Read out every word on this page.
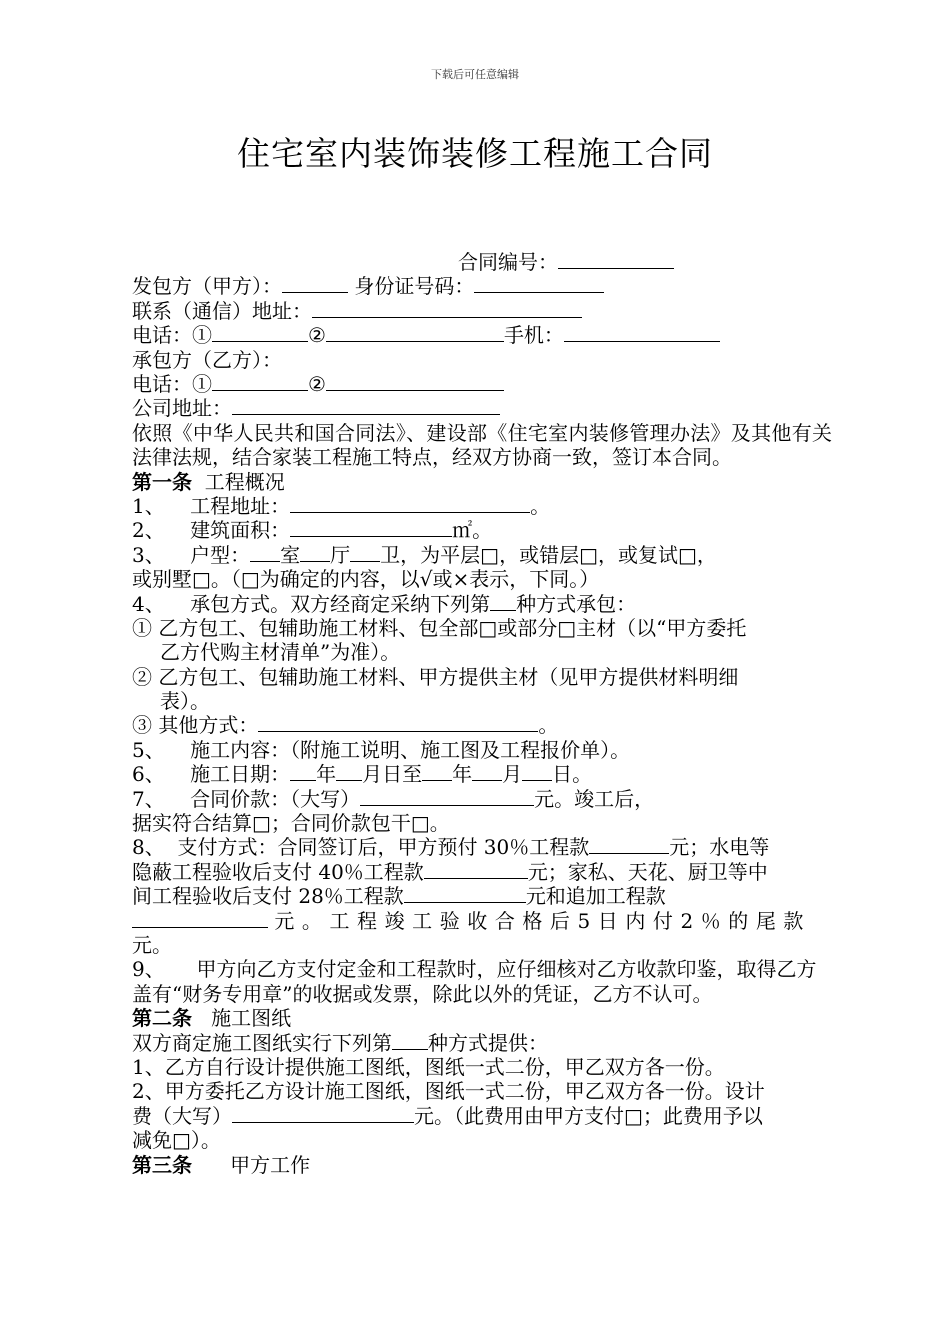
下载后可任意编辑
住宅室内装饰装修工程施工合同
合同编号：
发包方（甲方）：	身份证号码：
联系（通信）地址：
电话：①	②	手机：
承包方（乙方）：
电话：①	②
公司地址：
依照《中华人民共和国合同法》、建设部《住宅室内装修管理办法》及其他有关法律法规，结合家装工程施工特点，经双方协商一致，签订本合同。
第一条 工程概况
1、 工程地址：	。
2、 建筑面积：	㎡。
3、 户型： 室 厅 卫，为平层□，或错层□，或复试□，
或别墅□。（□为确定的内容，以√或×表示，下同。）
4、 承包方式。双方经商定采纳下列第 种方式承包：
① 乙方包工、包辅助施工材料、包全部□或部分□主材（以“甲方委托
乙方代购主材清单”为准）。
② 乙方包工、包辅助施工材料、甲方提供主材（见甲方提供材料明细
表）。
③ 其他方式：	。
5、 施工内容：（附施工说明、施工图及工程报价单）。
6、 施工日期： 年 月日至 年 月 日。
7、 合同价款：（大写）	元。竣工后，
据实符合结算□；合同价款包干□。
8、 支付方式：合同签订后，甲方预付 30％工程款	元；水电等
隐蔽工程验收后支付 40％工程款	元；家私、天花、厨卫等中
间工程验收后支付 28％工程款	元和追加工程款
元 。 工 程 竣 工 验 收 合 格 后 5 日 内 付 2 ％ 的 尾 款
元。
9、 甲方向乙方支付定金和工程款时，应仔细核对乙方收款印鉴，取得乙方盖有“财务专用章”的收据或发票，除此以外的凭证，乙方不认可。
第二条 施工图纸
双方商定施工图纸实行下列第 种方式提供：
1、乙方自行设计提供施工图纸，图纸一式二份，甲乙双方各一份。
2、甲方委托乙方设计施工图纸，图纸一式二份，甲乙双方各一份。设计
费（大写）	元。（此费用由甲方支付□；此费用予以
减免□）。
第三条 甲方工作
